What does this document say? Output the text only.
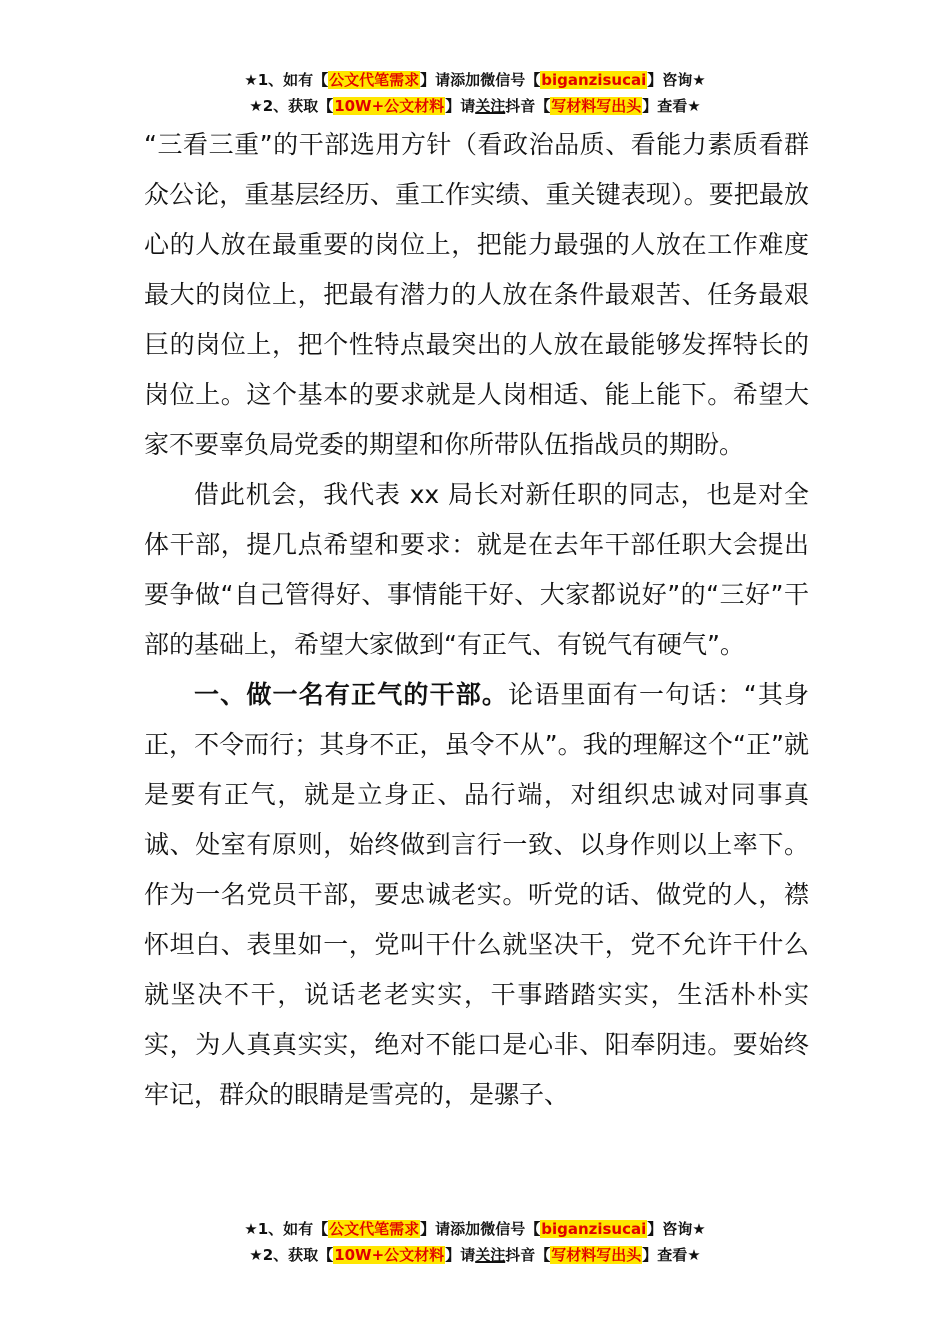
★1、如有【公文代笔需求】请添加微信号【biganzisucai】咨询★
★2、获取【10W+公文材料】请关注抖音【写材料写出头】查看★

“三看三重”的干部选用方针（看政治品质、看能力素质看群众公论，重基层经历、重工作实绩、重关键表现）。要把最放心的人放在最重要的岗位上，把能力最强的人放在工作难度最大的岗位上，把最有潜力的人放在条件最艰苦、任务最艰巨的岗位上，把个性特点最突出的人放在最能够发挥特长的岗位上。这个基本的要求就是人岗相适、能上能下。希望大家不要辜负局党委的期望和你所带队伍指战员的期盼。

借此机会，我代表 xx 局长对新任职的同志，也是对全体干部，提几点希望和要求：就是在去年干部任职大会提出要争做“自己管得好、事情能干好、大家都说好”的“三好”干部的基础上，希望大家做到“有正气、有锐气有硬气”。

一、做一名有正气的干部。论语里面有一句话：“其身正，不令而行；其身不正，虽令不从”。我的理解这个“正”就是要有正气，就是立身正、品行端，对组织忠诚对同事真诚、处室有原则，始终做到言行一致、以身作则以上率下。作为一名党员干部，要忠诚老实。听党的话、做党的人，襟怀坦白、表里如一，党叫干什么就坚决干，党不允许干什么就坚决不干，说话老老实实，干事踏踏实实，生活朴朴实实，为人真真实实，绝对不能口是心非、阳奉阴违。要始终牢记，群众的眼睛是雪亮的，是骡子、

★1、如有【公文代笔需求】请添加微信号【biganzisucai】咨询★
★2、获取【10W+公文材料】请关注抖音【写材料写出头】查看★
